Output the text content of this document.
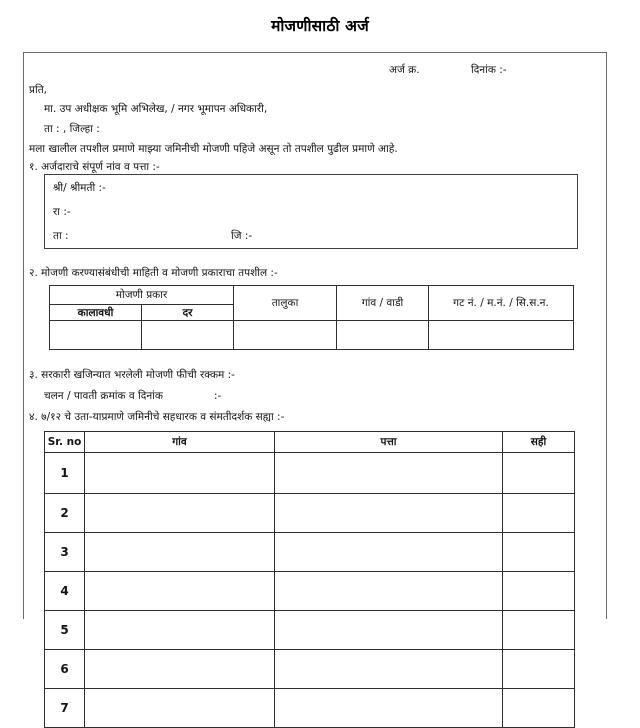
मोजणीसाठी अर्ज
अर्ज क्र.	दिनांक :-
प्रति,
मा. उप अधीक्षक भूमि अभिलेख, / नगर भूमापन अधिकारी,
ता : , जिल्हा :
मला खालील तपशील प्रमाणे माझ्या जमिनीची मोजणी पहिजे असून तो तपशील पुढील प्रमाणे आहे.
१. अर्जदाराचे संपूर्ण नांव व पत्ता :-
श्री/ श्रीमती :-
रा :-
ता :	जि :-
२. मोजणी करण्यासंबंधीची माहिती व मोजणी प्रकाराचा तपशील :-
मोजणी प्रकार		तालुका	गांव / वाडी	गट नं. / म.नं. / सि.स.न.
कालावधी	दर			

३. सरकारी खजिन्यात भरलेली मोजणी फीची रक्कम :-
चलन / पावती क्रमांक व दिनांक	:-
४. ७/१२ चे उता-याप्रमाणे जमिनीचे सहधारक व संमतीदर्शक सह्या :-
Sr. no	गांव	पत्ता	सही
1			
2			
3			
4			
5			
6			
7			
